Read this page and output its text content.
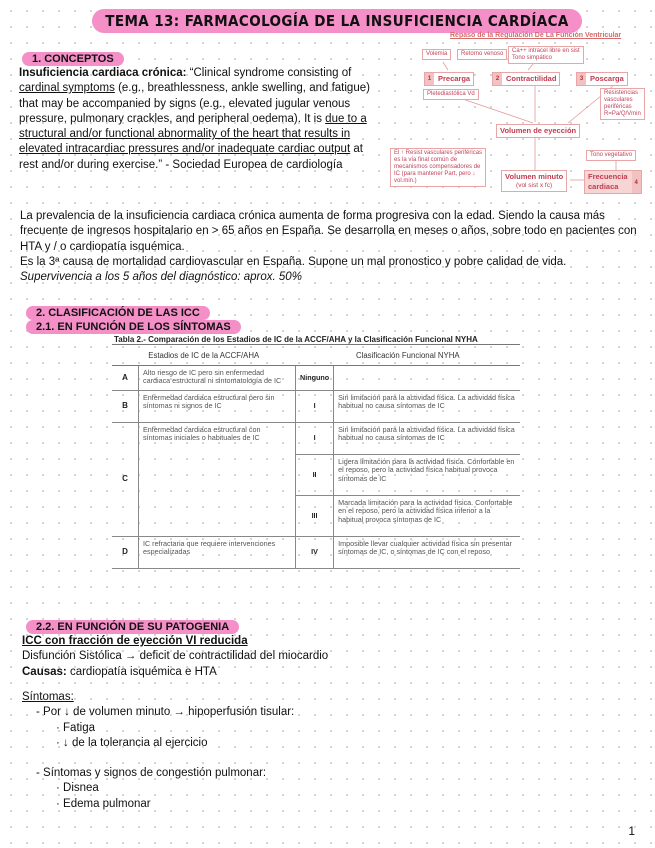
TEMA 13: FARMACOLOGÍA DE LA INSUFICIENCIA CARDÍACA
1. CONCEPTOS
Insuficiencia cardiaca crónica: “Clinical syndrome consisting of cardinal symptoms (e.g., breathlessness, ankle swelling, and fatigue) that may be accompanied by signs (e.g., elevated jugular venous pressure, pulmonary crackles, and peripheral oedema). It is due to a structural and/or functional abnormality of the heart that results in elevated intracardiac pressures and/or inadequate cardiac output at rest and/or during exercise.” - Sociedad Europea de cardiología
Repaso de la Regulación De La Función Ventricular
Volemia	Retorno venoso	Ca++ intracel libre en sist
Tono simpático
1 Precarga	2 Contractilidad	3 Poscarga
Pletediastólica Vd	Resistencias
vasculares
periféricas
R=Pa/Q/Vmin
Volumen de eyección
El ↑ Resist vasculares periféricas
es la vía final común de
mecanismos compensadores de
IC (para mantener Part, pero ↓
vol.min.)
Tono vegetativo
Volumen minuto
(vol sist x fc)
Frecuencia
cardiaca	4
La prevalencia de la insuficiencia cardiaca crónica aumenta de forma progresiva con la edad. Siendo la causa más frecuente de ingresos hospitalario en > 65 años en España. Se desarrolla en meses o años, sobre todo en pacientes con HTA y / o cardiopatía isquémica.
Es la 3ª causa de mortalidad cardiovascular en España. Supone un mal pronostico y pobre calidad de vida.
Supervivencia a los 5 años del diagnóstico: aprox. 50%
2. CLASIFICACIÓN DE LAS ICC
2.1. EN FUNCIÓN DE LOS SÍNTOMAS
Tabla 2.- Comparación de los Estadios de IC de la ACCF/AHA y la Clasificación Funcional NYHA
Estadios de IC de la ACCF/AHA		Clasificación Funcional NYHA	
A	Alto riesgo de IC pero sin enfermedad cardiaca estructural ni sintomatología de IC	Ninguno	
B	Enfermedad cardiaca estructural pero sin síntomas ni signos de IC	I	Sin limitación para la actividad física. La actividad física habitual no causa síntomas de IC
C	Enfermedad cardiaca estructural con síntomas iniciales o habituales de IC	I	Sin limitación para la actividad física. La actividad física habitual no causa síntomas de IC
		II	Ligera limitación para la actividad física. Confortable en el reposo, pero la actividad física habitual provoca síntomas de IC
		III	Marcada limitación para la actividad física. Confortable en el reposo, pero la actividad física inferior a la habitual provoca síntomas de IC
D	IC refractaria que requiere intervenciones especializadas	IV	Imposible llevar cualquier actividad física sin presentar síntomas de IC, o síntomas de IC con el reposo
2.2. EN FUNCIÓN DE SU PATOGENIA
ICC con fracción de eyección VI reducida
Disfunción Sistólica → deficit de contractilidad del miocardio
Causas: cardiopatía isquémica e HTA
Síntomas:
- Por ↓ de volumen minuto → hipoperfusión tisular:
· Fatiga
· ↓ de la tolerancia al ejercicio
- Síntomas y signos de congestión pulmonar:
· Disnea
· Edema pulmonar
1
